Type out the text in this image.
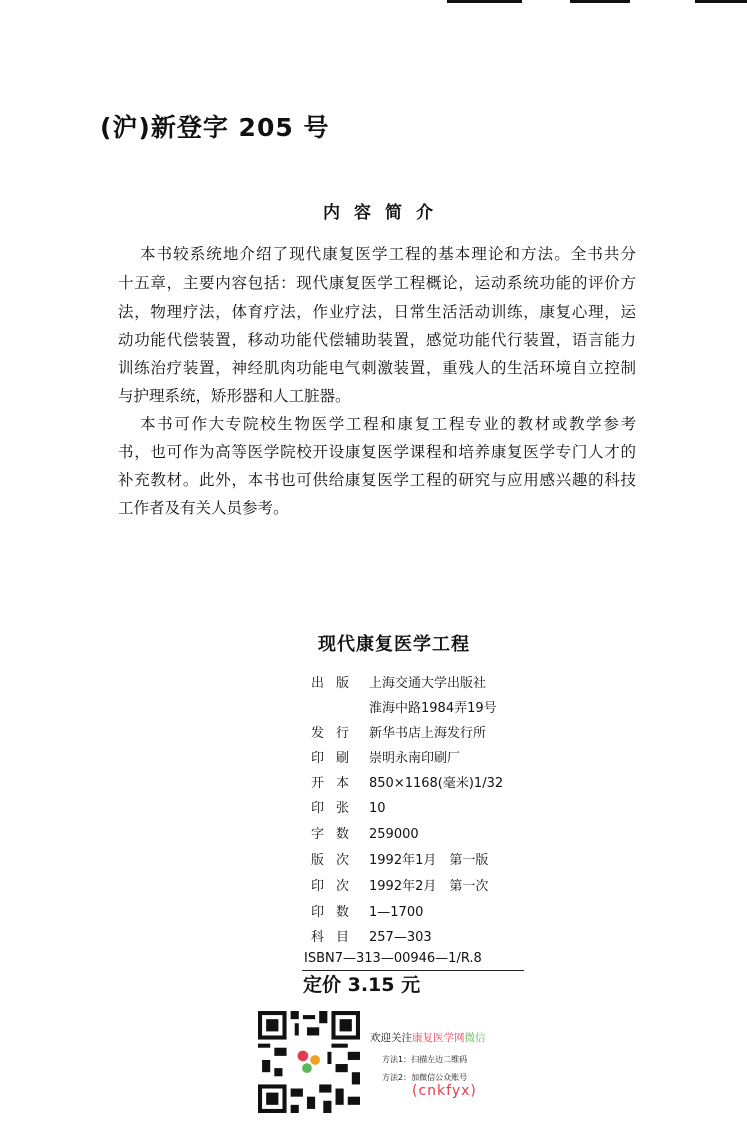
(沪)新登字 205 号
内容简介
本书较系统地介绍了现代康复医学工程的基本理论和方法。全书共分
十五章，主要内容包括：现代康复医学工程概论，运动系统功能的评价方
法，物理疗法，体育疗法，作业疗法，日常生活活动训练，康复心理，运
动功能代偿装置，移动功能代偿辅助装置，感觉功能代行装置，语言能力
训练治疗装置，神经肌肉功能电气刺激装置，重残人的生活环境自立控制
与护理系统，矫形器和人工脏器。
本书可作大专院校生物医学工程和康复工程专业的教材或教学参考
书，也可作为高等医学院校开设康复医学课程和培养康复医学专门人才的
补充教材。此外，本书也可供给康复医学工程的研究与应用感兴趣的科技
工作者及有关人员参考。
现代康复医学工程
出版 上海交通大学出版社
淮海中路1984弄19号
发行 新华书店上海发行所
印刷 崇明永南印刷厂
开本 850×1168(毫米)1/32
印张 10
字数 259000
版次 1992年1月　第一版
印次 1992年2月　第一次
印数 1—1700
科目 257—303
ISBN7—313—00946—1/R.8
定价 3.15 元
欢迎关注康复医学网微信
方法1：扫描左边二维码
方法2：加微信公众账号
(cnkfyx)
